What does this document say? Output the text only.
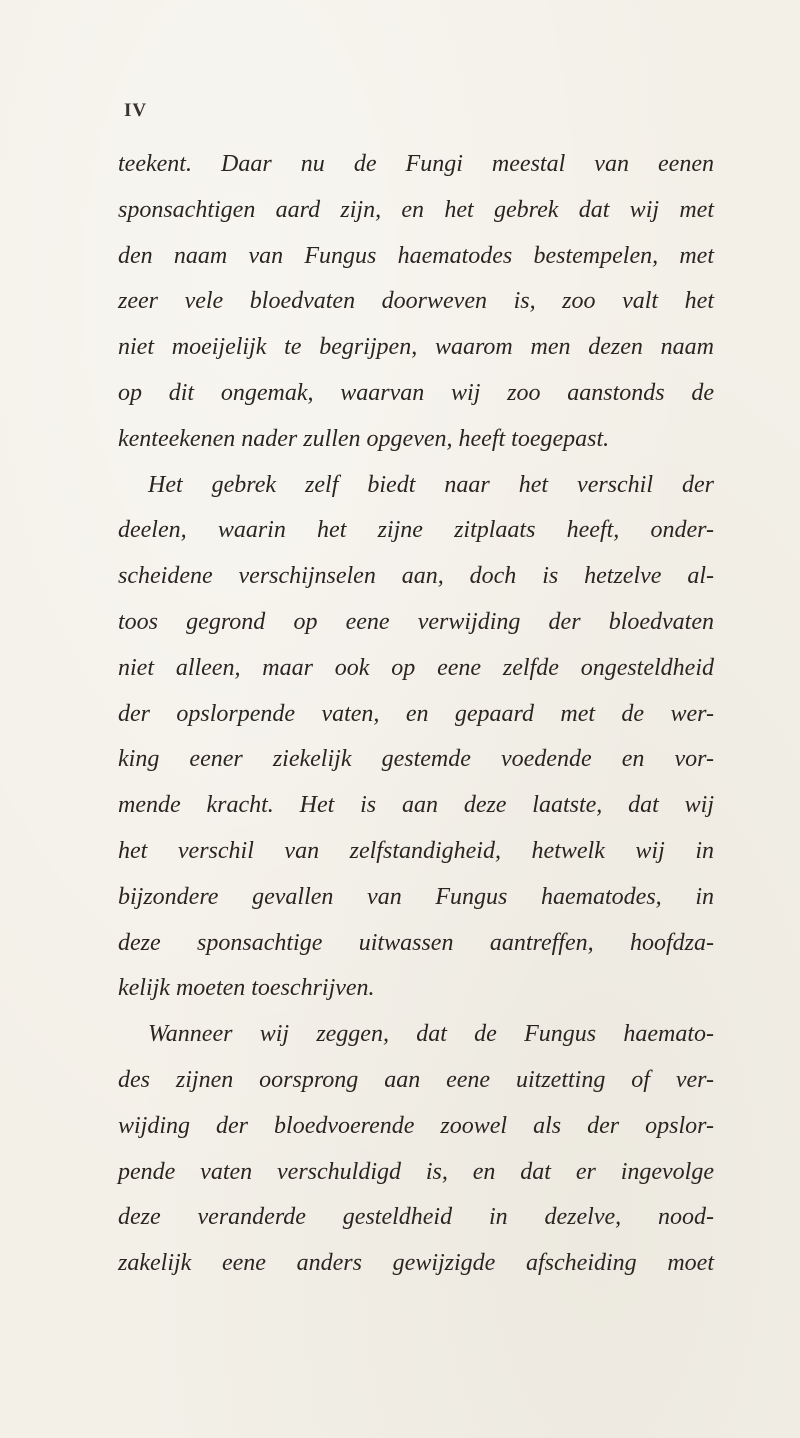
IV
teekent. Daar nu de Fungi meestal van eenen
sponsachtigen aard zijn, en het gebrek dat wij met
den naam van Fungus haematodes bestempelen, met
zeer vele bloedvaten doorweven is, zoo valt het
niet moeijelijk te begrijpen, waarom men dezen naam
op dit ongemak, waarvan wij zoo aanstonds de
kenteekenen nader zullen opgeven, heeft toegepast.
Het gebrek zelf biedt naar het verschil der
deelen, waarin het zijne zitplaats heeft, onder-
scheidene verschijnselen aan, doch is hetzelve al-
toos gegrond op eene verwijding der bloedvaten
niet alleen, maar ook op eene zelfde ongesteldheid
der opslorpende vaten, en gepaard met de wer-
king eener ziekelijk gestemde voedende en vor-
mende kracht. Het is aan deze laatste, dat wij
het verschil van zelfstandigheid, hetwelk wij in
bijzondere gevallen van Fungus haematodes, in
deze sponsachtige uitwassen aantreffen, hoofdza-
kelijk moeten toeschrijven.
Wanneer wij zeggen, dat de Fungus haemato-
des zijnen oorsprong aan eene uitzetting of ver-
wijding der bloedvoerende zoowel als der opslor-
pende vaten verschuldigd is, en dat er ingevolge
deze veranderde gesteldheid in dezelve, nood-
zakelijk eene anders gewijzigde afscheiding moet
